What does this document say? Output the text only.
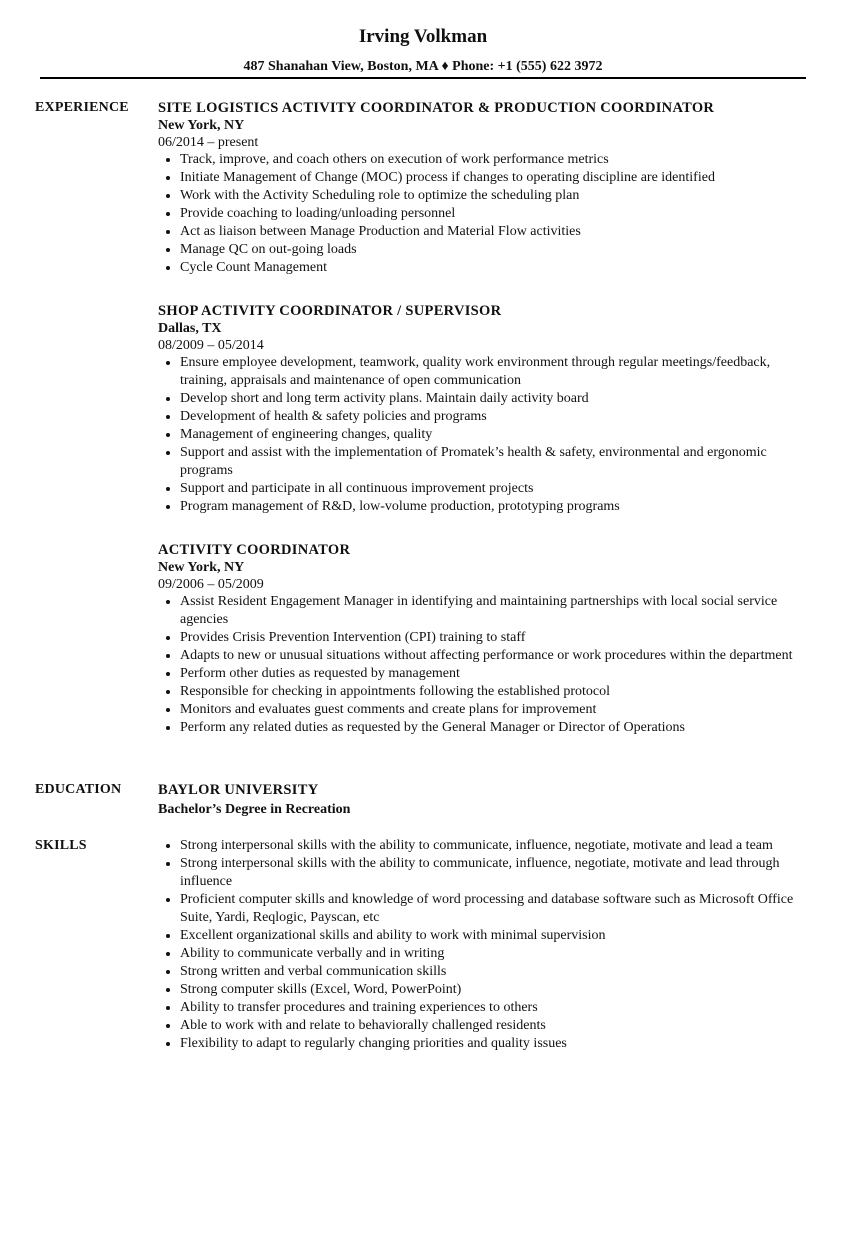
Irving Volkman
487 Shanahan View, Boston, MA ♦ Phone: +1 (555) 622 3972
EXPERIENCE SITE LOGISTICS ACTIVITY COORDINATOR & PRODUCTION COORDINATOR
New York, NY
06/2014 – present
• Track, improve, and coach others on execution of work performance metrics
• Initiate Management of Change (MOC) process if changes to operating discipline are identified
• Work with the Activity Scheduling role to optimize the scheduling plan
• Provide coaching to loading/unloading personnel
• Act as liaison between Manage Production and Material Flow activities
• Manage QC on out-going loads
• Cycle Count Management
SHOP ACTIVITY COORDINATOR / SUPERVISOR
Dallas, TX
08/2009 – 05/2014
• Ensure employee development, teamwork, quality work environment through regular meetings/feedback, training, appraisals and maintenance of open communication
• Develop short and long term activity plans. Maintain daily activity board
• Development of health & safety policies and programs
• Management of engineering changes, quality
• Support and assist with the implementation of Promatek’s health & safety, environmental and ergonomic programs
• Support and participate in all continuous improvement projects
• Program management of R&D, low-volume production, prototyping programs
ACTIVITY COORDINATOR
New York, NY
09/2006 – 05/2009
• Assist Resident Engagement Manager in identifying and maintaining partnerships with local social service agencies
• Provides Crisis Prevention Intervention (CPI) training to staff
• Adapts to new or unusual situations without affecting performance or work procedures within the department
• Perform other duties as requested by management
• Responsible for checking in appointments following the established protocol
• Monitors and evaluates guest comments and create plans for improvement
• Perform any related duties as requested by the General Manager or Director of Operations
EDUCATION	BAYLOR UNIVERSITY
Bachelor’s Degree in Recreation
SKILLS
•	Strong interpersonal skills with the ability to communicate, influence, negotiate, motivate and lead a team
• Strong interpersonal skills with the ability to communicate, influence, negotiate, motivate and lead through influence
• Proficient computer skills and knowledge of word processing and database software such as Microsoft Office Suite, Yardi, Reqlogic, Payscan, etc
• Excellent organizational skills and ability to work with minimal supervision
• Ability to communicate verbally and in writing
• Strong written and verbal communication skills
• Strong computer skills (Excel, Word, PowerPoint)
• Ability to transfer procedures and training experiences to others
• Able to work with and relate to behaviorally challenged residents
• Flexibility to adapt to regularly changing priorities and quality issues
